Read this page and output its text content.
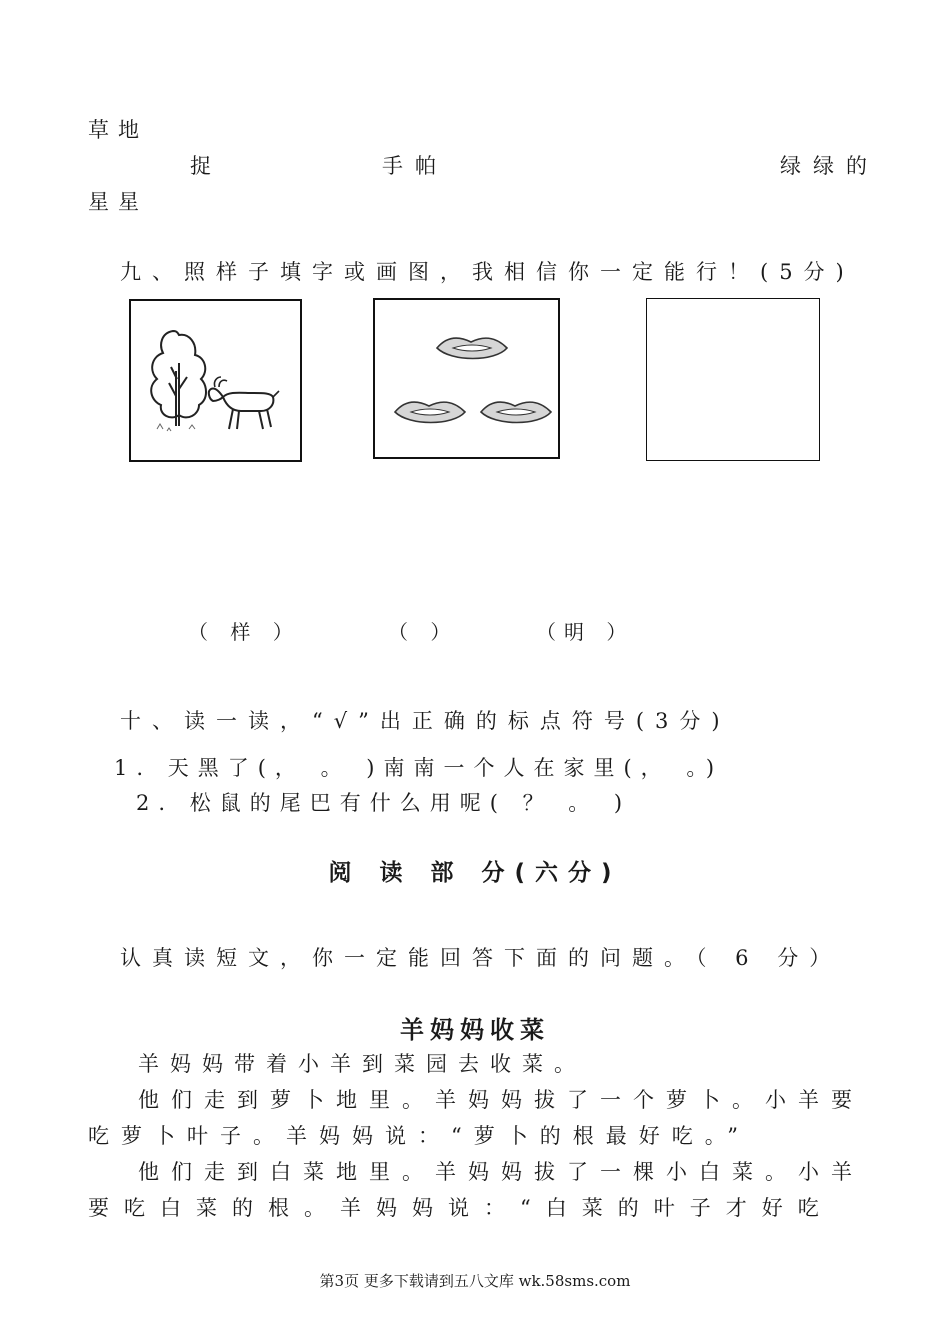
草地
捉	手帕	绿绿的
星星
九、照样子填字或画图，我相信你一定能行！(5分)
（ 样 ）	（ ）	（明 ）
十、读一读，“√”出正确的标点符号(3分)
1. 天黑了(， 。 )南南一个人在家里(， 。)
2. 松鼠的尾巴有什么用呢( ？ 。 )
阅 读 部 分(六分)
认真读短文，你一定能回答下面的问题。（ 6 分）
羊妈妈收菜
羊妈妈带着小羊到菜园去收菜。
他们走到萝卜地里。羊妈妈拔了一个萝卜。小羊要
吃萝卜叶子。羊妈妈说：“萝卜的根最好吃。”
他们走到白菜地里。羊妈妈拔了一棵小白菜。小羊
要吃白菜的根。羊妈妈说：“白菜的叶子才好吃
第3页 更多下载请到五八文库 wk.58sms.com
